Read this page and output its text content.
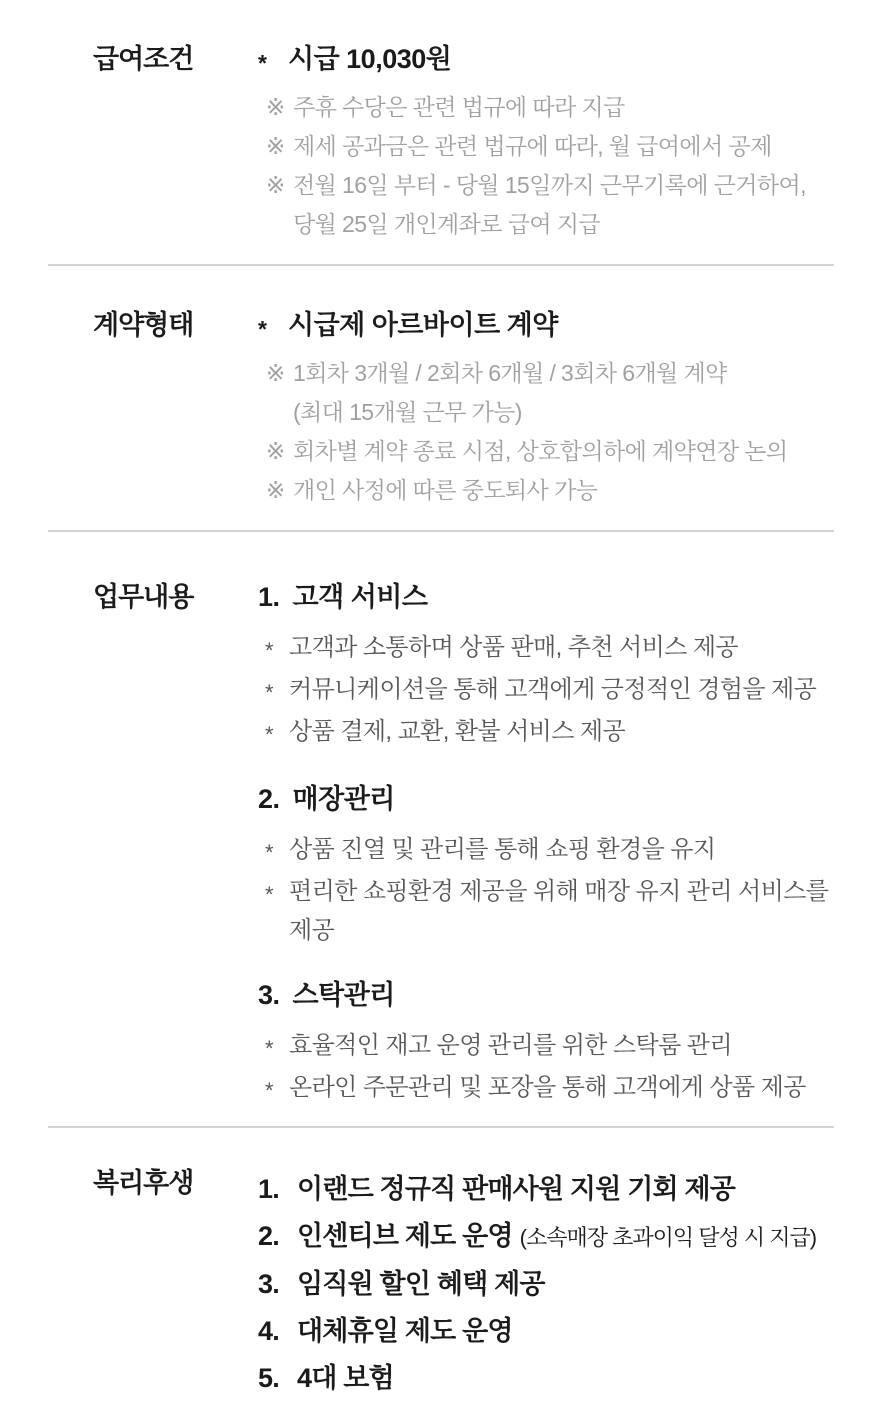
급여조건	* 시급 10,030원
※ 주휴 수당은 관련 법규에 따라 지급
※ 제세 공과금은 관련 법규에 따라, 월 급여에서 공제
※ 전월 16일 부터 - 당월 15일까지 근무기록에 근거하여,
당월 25일 개인계좌로 급여 지급
계약형태	* 시급제 아르바이트 계약
※ 1회차 3개월 / 2회차 6개월 / 3회차 6개월 계약
(최대 15개월 근무 가능)
※ 회차별 계약 종료 시점, 상호합의하에 계약연장 논의
※ 개인 사정에 따른 중도퇴사 가능
업무내용	1. 고객 서비스
* 고객과 소통하며 상품 판매, 추천 서비스 제공
* 커뮤니케이션을 통해 고객에게 긍정적인 경험을 제공
* 상품 결제, 교환, 환불 서비스 제공
2. 매장관리
* 상품 진열 및 관리를 통해 쇼핑 환경을 유지
* 편리한 쇼핑환경 제공을 위해 매장 유지 관리 서비스를 제공
3. 스탁관리
* 효율적인 재고 운영 관리를 위한 스탁룸 관리
* 온라인 주문관리 및 포장을 통해 고객에게 상품 제공
복리후생	1. 이랜드 정규직 판매사원 지원 기회 제공
2. 인센티브 제도 운영 (소속매장 초과이익 달성 시 지급)
3. 임직원 할인 혜택 제공
4. 대체휴일 제도 운영
5. 4대 보험
